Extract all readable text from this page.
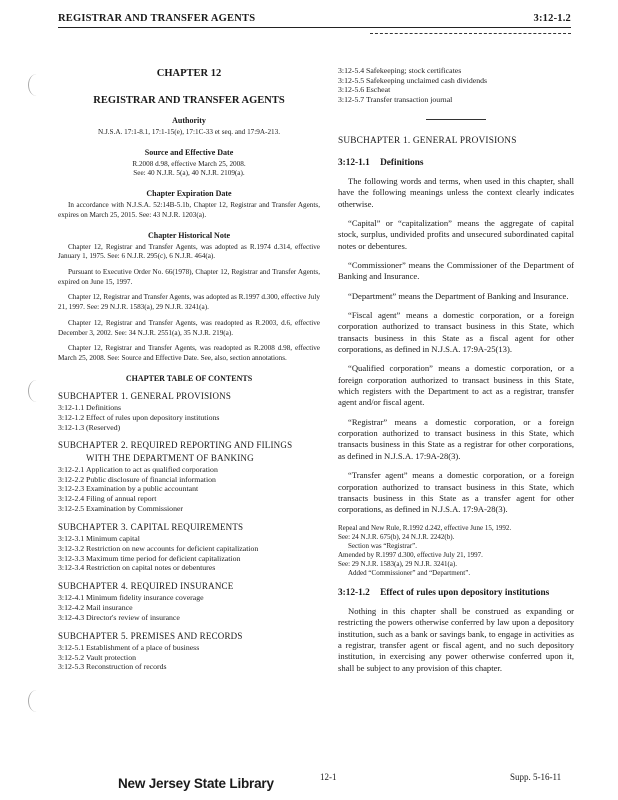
REGISTRAR AND TRANSFER AGENTS	3:12-1.2
CHAPTER 12
REGISTRAR AND TRANSFER AGENTS
Authority

N.J.S.A. 17:1-8.1, 17:1-15(e), 17:1C-33 et seq. and 17:9A-213.

Source and Effective Date

R.2008 d.98, effective March 25, 2008.

See: 40 N.J.R. 5(a), 40 N.J.R. 2109(a).

Chapter Expiration Date

In accordance with N.J.S.A. 52:14B-5.1b, Chapter 12, Registrar and Transfer Agents, expires on March 25, 2015. See: 43 N.J.R. 1203(a).

Chapter Historical Note

Chapter 12, Registrar and Transfer Agents, was adopted as R.1974 d.314, effective January 1, 1975. See: 6 N.J.R. 295(c), 6 N.J.R. 464(a).

Pursuant to Executive Order No. 66(1978), Chapter 12, Registrar and Transfer Agents, expired on June 15, 1997.

Chapter 12, Registrar and Transfer Agents, was adopted as R.1997 d.300, effective July 21, 1997. See: 29 N.J.R. 1583(a), 29 N.J.R. 3241(a).

Chapter 12, Registrar and Transfer Agents, was readopted as R.2003, d.6, effective December 3, 2002. See: 34 N.J.R. 2551(a), 35 N.J.R. 219(a).

Chapter 12, Registrar and Transfer Agents, was readopted as R.2008 d.98, effective March 25, 2008. See: Source and Effective Date. See, also, section annotations.

CHAPTER TABLE OF CONTENTS
SUBCHAPTER 1. GENERAL PROVISIONS
3:12-1.1 Definitions
3:12-1.2 Effect of rules upon depository institutions
3:12-1.3 (Reserved)
SUBCHAPTER 2. REQUIRED REPORTING AND FILINGS
WITH THE DEPARTMENT OF BANKING
3:12-2.1 Application to act as qualified corporation
3:12-2.2 Public disclosure of financial information
3:12-2.3 Examination by a public accountant
3:12-2.4 Filing of annual report
3:12-2.5 Examination by Commissioner
SUBCHAPTER 3. CAPITAL REQUIREMENTS
3:12-3.1 Minimum capital
3:12-3.2 Restriction on new accounts for deficient capitalization
3:12-3.3 Maximum time period for deficient capitalization
3:12-3.4 Restriction on capital notes or debentures
SUBCHAPTER 4. REQUIRED INSURANCE
3:12-4.1 Minimum fidelity insurance coverage
3:12-4.2 Mail insurance
3:12-4.3 Director's review of insurance
SUBCHAPTER 5. PREMISES AND RECORDS
3:12-5.1 Establishment of a place of business
3:12-5.2 Vault protection
3:12-5.3 Reconstruction of records
3:12-5.4 Safekeeping; stock certificates
3:12-5.5 Safekeeping unclaimed cash dividends
3:12-5.6 Escheat
3:12-5.7 Transfer transaction journal
SUBCHAPTER 1. GENERAL PROVISIONS
3:12-1.1 Definitions

The following words and terms, when used in this chapter, shall have the following meanings unless the context clearly indicates otherwise.

“Capital” or “capitalization” means the aggregate of capital stock, surplus, undivided profits and unsecured subordinated capital notes or debentures.

“Commissioner” means the Commissioner of the Department of Banking and Insurance.

“Department” means the Department of Banking and Insurance.

“Fiscal agent” means a domestic corporation, or a foreign corporation authorized to transact business in this State, which transacts business in this State as a fiscal agent for other corporations, as defined in N.J.S.A. 17:9A-25(13).

“Qualified corporation” means a domestic corporation, or a foreign corporation authorized to transact business in this State, which registers with the Department to act as a registrar, transfer agent and/or fiscal agent.

“Registrar” means a domestic corporation, or a foreign corporation authorized to transact business in this State, which transacts business in this State as a registrar for other corporations, as defined in N.J.S.A. 17:9A-28(3).

“Transfer agent” means a domestic corporation, or a foreign corporation authorized to transact business in this State, which transacts business in this State as a transfer agent for other corporations, as defined in N.J.S.A. 17:9A-28(3).

Repeal and New Rule, R.1992 d.242, effective June 15, 1992.

See: 24 N.J.R. 675(b), 24 N.J.R. 2242(b).

Section was “Registrar”.

Amended by R.1997 d.300, effective July 21, 1997.

See: 29 N.J.R. 1583(a), 29 N.J.R. 3241(a).

Added “Commissioner” and “Department”.

3:12-1.2 Effect of rules upon depository institutions

Nothing in this chapter shall be construed as expanding or restricting the powers otherwise conferred by law upon a depository institution, such as a bank or savings bank, to engage in activities as a registrar, transfer agent or fiscal agent, and no such depository institution, in exercising any power otherwise conferred upon it, shall be subject to any provision of this chapter.

New Jersey State Library	12-1	Supp. 5-16-11
